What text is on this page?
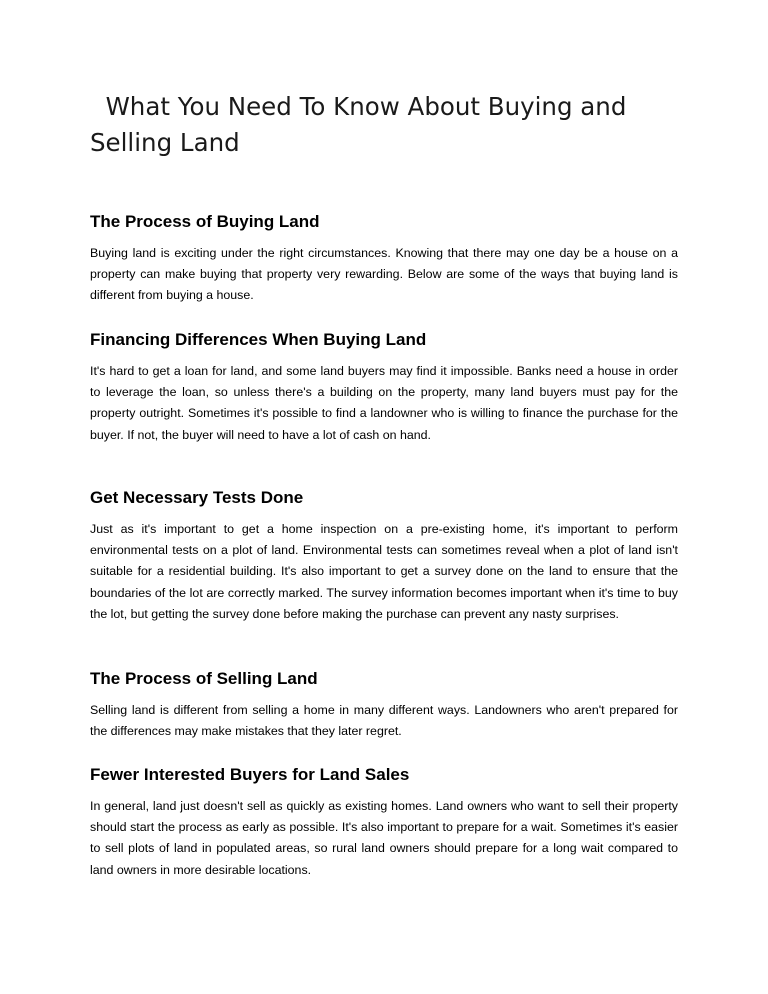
What You Need To Know About Buying and Selling Land
The Process of Buying Land

Buying land is exciting under the right circumstances. Knowing that there may one day be a house on a property can make buying that property very rewarding. Below are some of the ways that buying land is different from buying a house.

Financing Differences When Buying Land

It's hard to get a loan for land, and some land buyers may find it impossible. Banks need a house in order to leverage the loan, so unless there's a building on the property, many land buyers must pay for the property outright. Sometimes it's possible to find a landowner who is willing to finance the purchase for the buyer. If not, the buyer will need to have a lot of cash on hand.

Get Necessary Tests Done

Just as it's important to get a home inspection on a pre-existing home, it's important to perform environmental tests on a plot of land. Environmental tests can sometimes reveal when a plot of land isn't suitable for a residential building. It's also important to get a survey done on the land to ensure that the boundaries of the lot are correctly marked. The survey information becomes important when it's time to buy the lot, but getting the survey done before making the purchase can prevent any nasty surprises.

The Process of Selling Land

Selling land is different from selling a home in many different ways. Landowners who aren't prepared for the differences may make mistakes that they later regret.

Fewer Interested Buyers for Land Sales

In general, land just doesn't sell as quickly as existing homes. Land owners who want to sell their property should start the process as early as possible. It's also important to prepare for a wait. Sometimes it's easier to sell plots of land in populated areas, so rural land owners should prepare for a long wait compared to land owners in more desirable locations.
